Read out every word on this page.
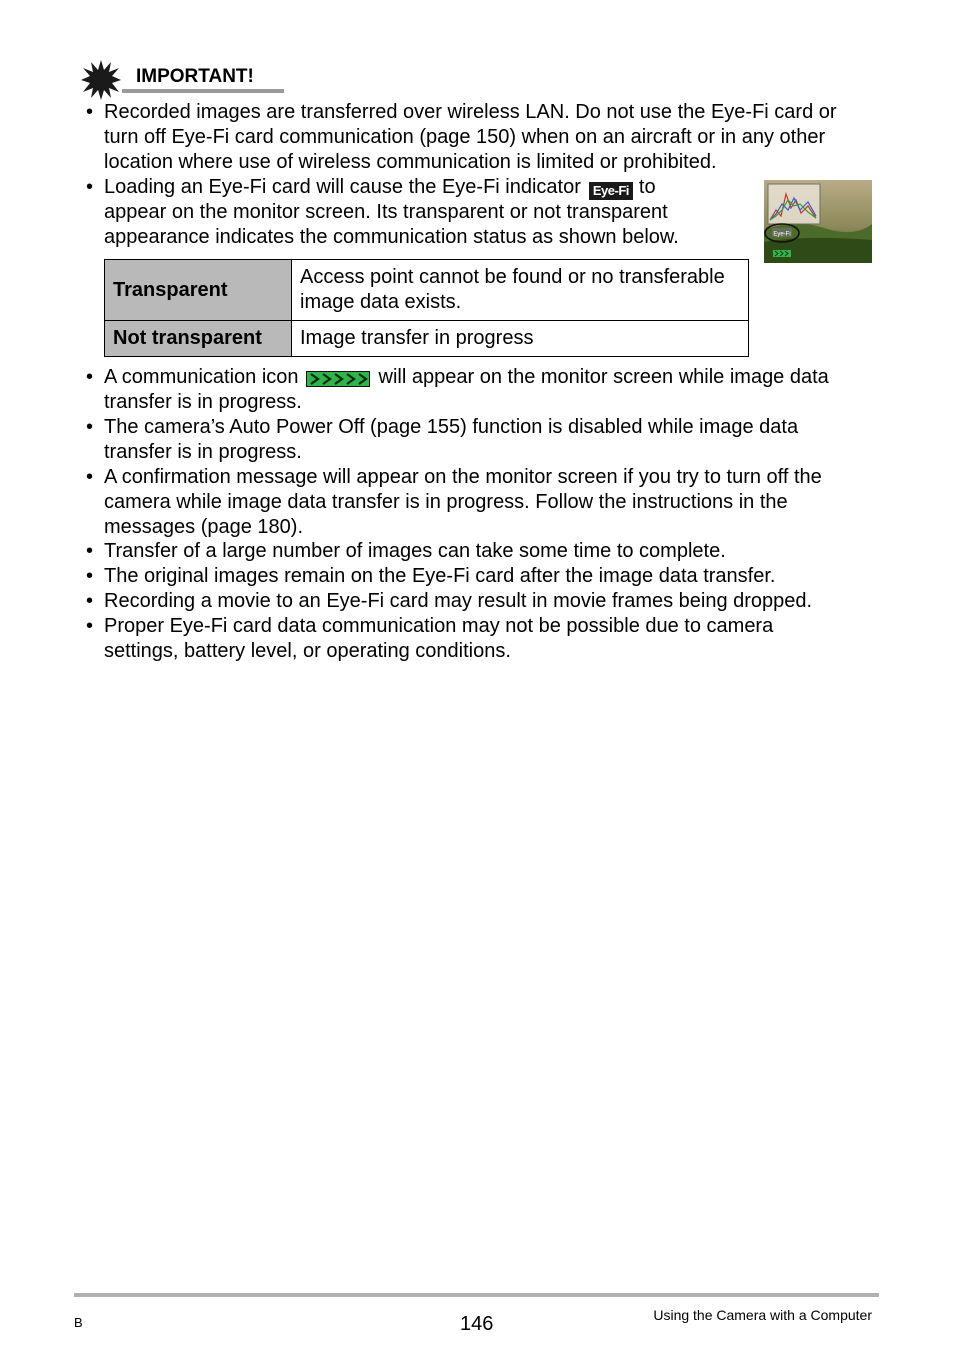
IMPORTANT!
• Recorded images are transferred over wireless LAN. Do not use the Eye-Fi card or
turn off Eye-Fi card communication (page 150) when on an aircraft or in any other
location where use of wireless communication is limited or prohibited.
• Loading an Eye-Fi card will cause the Eye-Fi indicator Eye-Fi to
appear on the monitor screen. Its transparent or not transparent
appearance indicates the communication status as shown below.	Eye-Fi
Transparent	Access point cannot be found or no transferable
image data exists.

Not transparent	Image transfer in progress
• A communication icon	will appear on the monitor screen while image data
transfer is in progress.
• The camera’s Auto Power Off (page 155) function is disabled while image data
transfer is in progress.
• A confirmation message will appear on the monitor screen if you try to turn off the
camera while image data transfer is in progress. Follow the instructions in the
messages (page 180).
• Transfer of a large number of images can take some time to complete.
• The original images remain on the Eye-Fi card after the image data transfer.
• Recording a movie to an Eye-Fi card may result in movie frames being dropped.
• Proper Eye-Fi card data communication may not be possible due to camera
settings, battery level, or operating conditions.
B	146	Using the Camera with a Computer
